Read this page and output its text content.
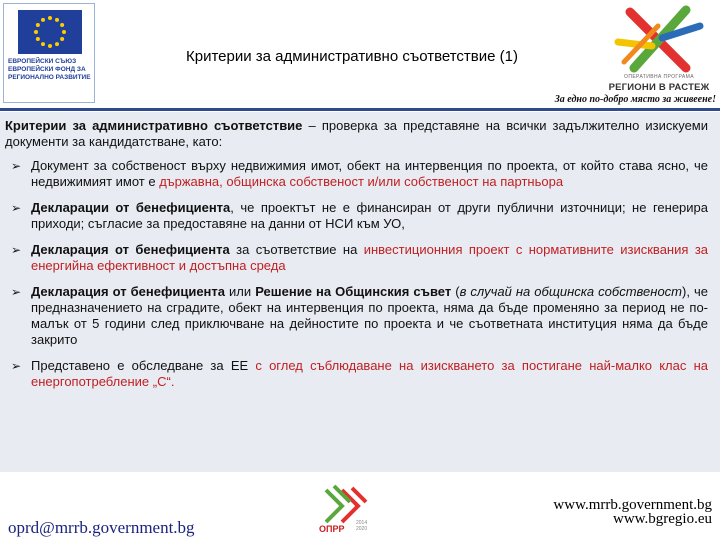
ЕВРОПЕЙСКИ СЪЮЗ
ЕВРОПЕЙСКИ ФОНД ЗА
РЕГИОНАЛНО РАЗВИТИЕ
Критерии за административно съответствие (1)
ОПЕРАТИВНА ПРОГРАМА
РЕГИОНИ В РАСТЕЖ
За едно по-добро място за живеене!

Критерии за административно съответствие – проверка за представяне на всички задължително изискуеми документи за кандидатстване, като:

➢ Документ за собственост върху недвижимия имот, обект на интервенция по проекта, от който става ясно, че недвижимият имот е държавна, общинска собственост и/или собственост на партньора
➢ Декларации от бенефициента, че проектът не е финансиран от други публични източници; не генерира приходи; съгласие за предоставяне на данни от НСИ към УО,
➢ Декларация от бенефициента за съответствие на инвестиционния проект с нормативните изисквания за енергийна ефективност и достъпна среда
➢ Декларация от бенефициента или Решение на Общинския съвет (в случай на общинска собственост), че предназначението на сградите, обект на интервенция по проекта, няма да бъде променяно за период не по-малък от 5 години след приключване на дейностите по проекта и че съответната институция няма да бъде закрито
➢ Представено е обследване за ЕЕ с оглед съблюдаване на изискването за постигане най-малко клас на енергопотребление „С“.
oprd@mrrb.government.bg	ОПРР
2014
2020
www.mrrb.government.bg
www.bgregio.eu
